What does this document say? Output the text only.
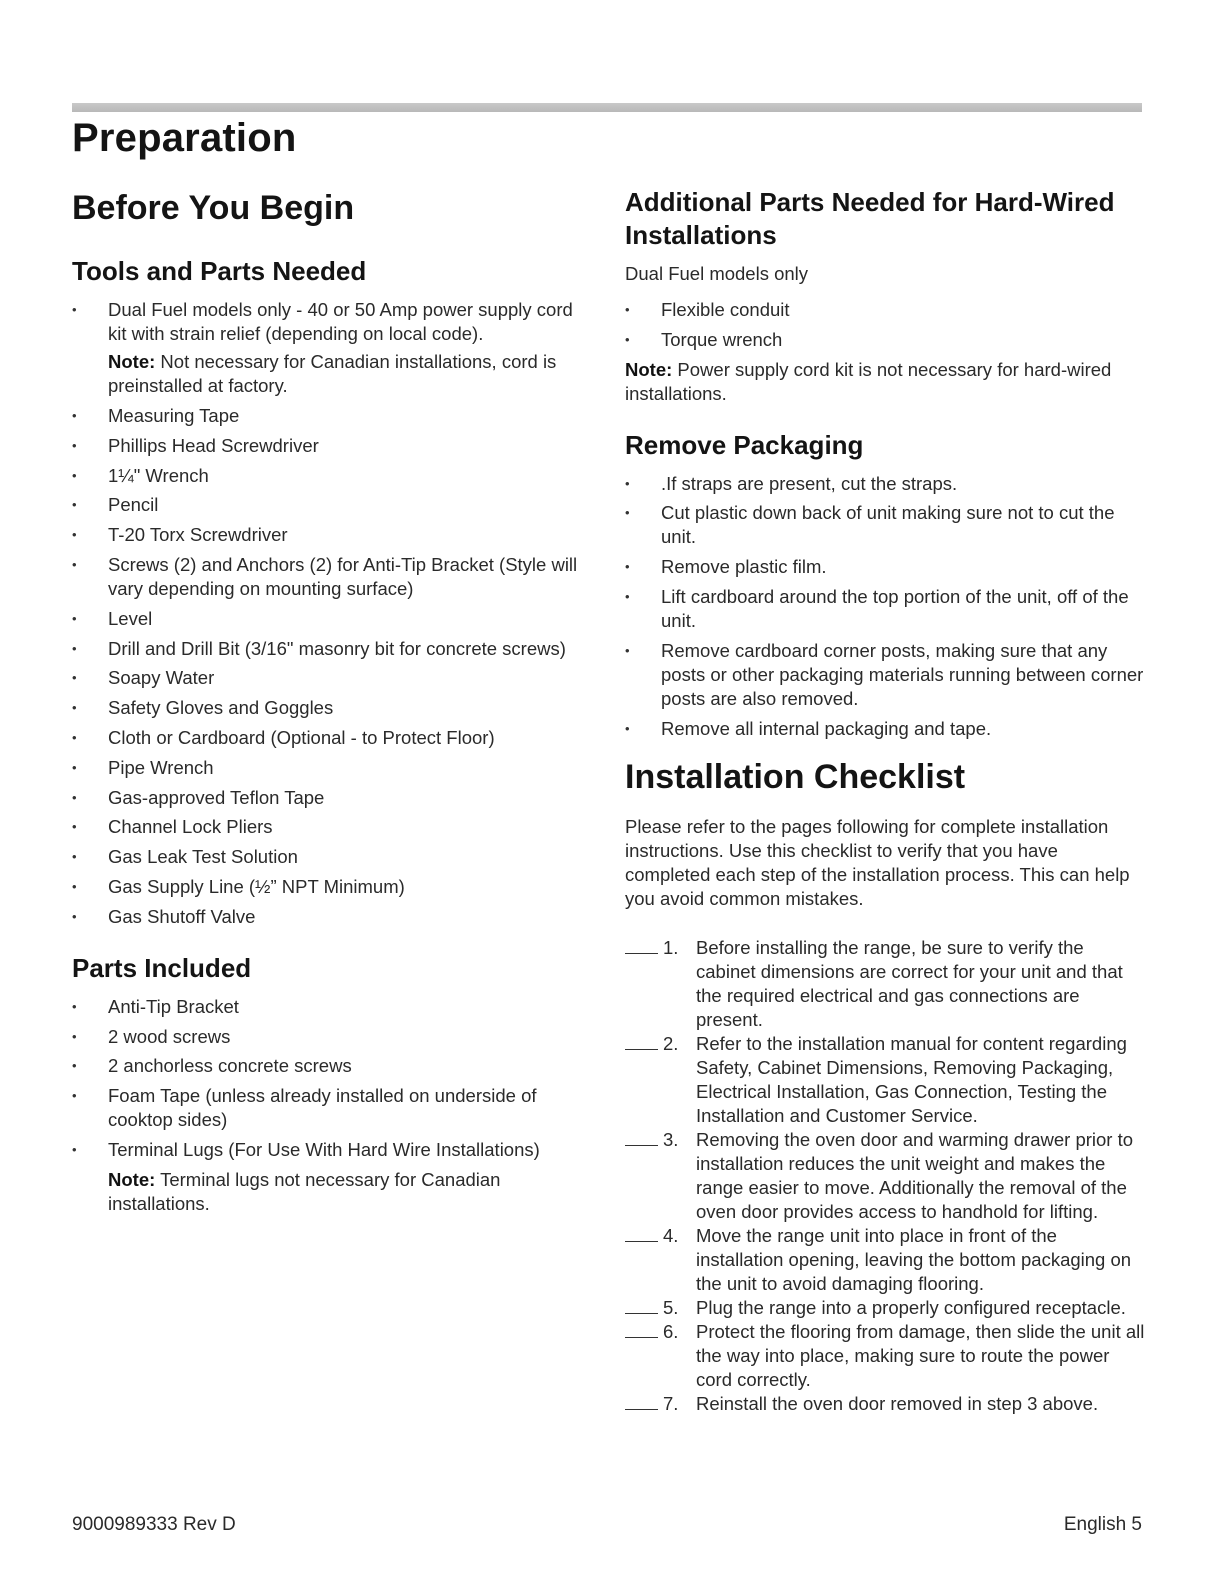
Preparation
Before You Begin
Tools and Parts Needed
• Dual Fuel models only - 40 or 50 Amp power supply cord kit with strain relief (depending on local code).
Note: Not necessary for Canadian installations, cord is preinstalled at factory.
• Measuring Tape
• Phillips Head Screwdriver
• 1¼" Wrench
• Pencil
• T-20 Torx Screwdriver
• Screws (2) and Anchors (2) for Anti-Tip Bracket (Style will vary depending on mounting surface)
• Level
• Drill and Drill Bit (3/16" masonry bit for concrete screws)
• Soapy Water
• Safety Gloves and Goggles
• Cloth or Cardboard (Optional - to Protect Floor)
• Pipe Wrench
• Gas-approved Teflon Tape
• Channel Lock Pliers
• Gas Leak Test Solution
• Gas Supply Line (½” NPT Minimum)
• Gas Shutoff Valve
Parts Included
• Anti-Tip Bracket
• 2 wood screws
• 2 anchorless concrete screws
• Foam Tape (unless already installed on underside of cooktop sides)
• Terminal Lugs (For Use With Hard Wire Installations)
Note: Terminal lugs not necessary for Canadian installations.
Additional Parts Needed for Hard-Wired Installations

Dual Fuel models only

• Flexible conduit
• Torque wrench
Note: Power supply cord kit is not necessary for hard-wired installations.
Remove Packaging
• .If straps are present, cut the straps.
• Cut plastic down back of unit making sure not to cut the unit.
• Remove plastic film.
• Lift cardboard around the top portion of the unit, off of the unit.
• Remove cardboard corner posts, making sure that any posts or other packaging materials running between corner posts are also removed.
• Remove all internal packaging and tape.
Installation Checklist

Please refer to the pages following for complete installation instructions. Use this checklist to verify that you have completed each step of the installation process. This can help you avoid common mistakes.

1. Before installing the range, be sure to verify the cabinet dimensions are correct for your unit and that the required electrical and gas connections are present.
2. Refer to the installation manual for content regarding Safety, Cabinet Dimensions, Removing Packaging, Electrical Installation, Gas Connection, Testing the Installation and Customer Service.
3. Removing the oven door and warming drawer prior to installation reduces the unit weight and makes the range easier to move. Additionally the removal of the oven door provides access to handhold for lifting.
4. Move the range unit into place in front of the installation opening, leaving the bottom packaging on the unit to avoid damaging flooring.
5. Plug the range into a properly configured receptacle.
6. Protect the flooring from damage, then slide the unit all the way into place, making sure to route the power cord correctly.
7. Reinstall the oven door removed in step 3 above.
9000989333 Rev D	English 5
